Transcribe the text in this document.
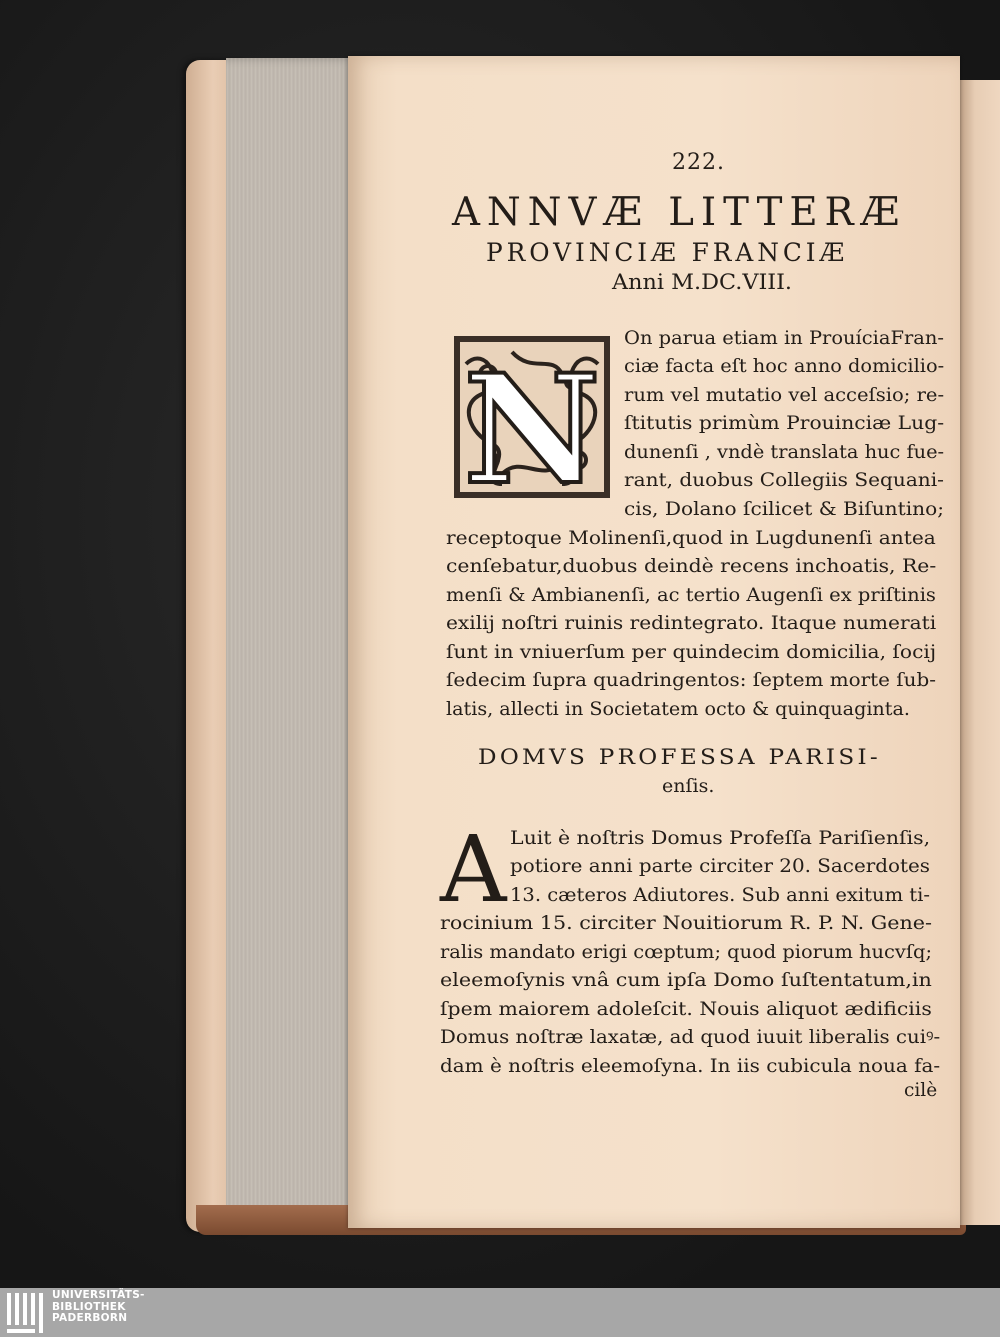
222.
ANNVÆ LITTERÆ
PROVINCIÆ FRANCIÆ
Anni M.DC.VIII.
N
On parua etiam in ProuíciaFran-
ciæ facta eſt hoc anno domicilio-
rum vel mutatio vel acceſsio; re-
ſtitutis primùm Prouinciæ Lug-
dunenſi , vndè translata huc fue-
rant, duobus Collegiis Sequani-
cis, Dolano ſcilicet & Biſuntino;
receptoque Molinenſi,quod in Lugdunenſi antea
cenſebatur,duobus deindè recens inchoatis, Re-
menſi & Ambianenſi, ac tertio Augenſi ex priſtinis
exilij noſtri ruinis redintegrato. Itaque numerati
ſunt in vniuerſum per quindecim domicilia, ſocij
ſedecim ſupra quadringentos: ſeptem morte ſub-
latis, allecti in Societatem octo & quinquaginta.
DOMVS PROFESSA PARISI-
enſis.
A Luit è noſtris Domus Profeſſa Pariſienſis,
potiore anni parte circiter 20. Sacerdotes
13. cæteros Adiutores. Sub anni exitum ti-
rocinium 15. circiter Nouitiorum R. P. N. Gene-
ralis mandato erigi cœptum; quod piorum hucvſq;
eleemoſynis vnâ cum ipſa Domo ſuſtentatum,in
ſpem maiorem adoleſcit. Nouis aliquot ædificiis
Domus noſtræ laxatæ, ad quod iuuit liberalis cuiꝰ-
dam è noſtris eleemoſyna. In iis cubicula noua fa-
cilè
UNIVERSITÄTS-
BIBLIOTHEK
PADERBORN
